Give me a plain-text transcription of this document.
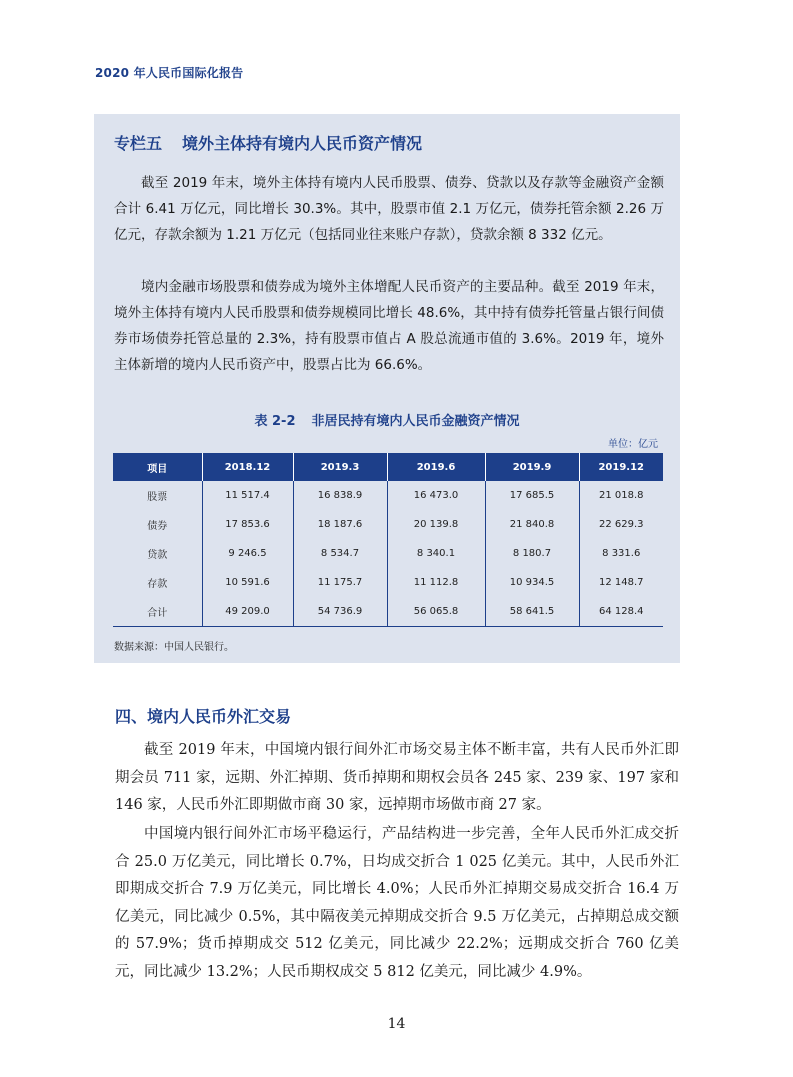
2020 年人民币国际化报告
专栏五 境外主体持有境内人民币资产情况

截至 2019 年末，境外主体持有境内人民币股票、债券、贷款以及存款等金融资产金额合计 6.41 万亿元，同比增长 30.3%。其中，股票市值 2.1 万亿元，债券托管余额 2.26 万亿元，存款余额为 1.21 万亿元（包括同业往来账户存款），贷款余额 8 332 亿元。

境内金融市场股票和债券成为境外主体增配人民币资产的主要品种。截至 2019 年末，境外主体持有境内人民币股票和债券规模同比增长 48.6%，其中持有债券托管量占银行间债券市场债券托管总量的 2.3%，持有股票市值占 A 股总流通市值的 3.6%。2019 年，境外主体新增的境内人民币资产中，股票占比为 66.6%。

表 2-2 非居民持有境内人民币金融资产情况
单位：亿元
项目	2018.12	2019.3	2019.6	2019.9	2019.12
股票	11 517.4	16 838.9	16 473.0	17 685.5	21 018.8
债券	17 853.6	18 187.6	20 139.8	21 840.8	22 629.3
贷款	9 246.5	8 534.7	8 340.1	8 180.7	8 331.6
存款	10 591.6	11 175.7	11 112.8	10 934.5	12 148.7
合计	49 209.0	54 736.9	56 065.8	58 641.5	64 128.4
数据来源：中国人民银行。
四、境内人民币外汇交易

截至 2019 年末，中国境内银行间外汇市场交易主体不断丰富，共有人民币外汇即期会员 711 家，远期、外汇掉期、货币掉期和期权会员各 245 家、239 家、197 家和 146 家，人民币外汇即期做市商 30 家，远掉期市场做市商 27 家。

中国境内银行间外汇市场平稳运行，产品结构进一步完善，全年人民币外汇成交折合 25.0 万亿美元，同比增长 0.7%，日均成交折合 1 025 亿美元。其中，人民币外汇即期成交折合 7.9 万亿美元，同比增长 4.0%；人民币外汇掉期交易成交折合 16.4 万亿美元，同比减少 0.5%，其中隔夜美元掉期成交折合 9.5 万亿美元，占掉期总成交额的 57.9%；货币掉期成交 512 亿美元，同比减少 22.2%；远期成交折合 760 亿美元，同比减少 13.2%；人民币期权成交 5 812 亿美元，同比减少 4.9%。

14
